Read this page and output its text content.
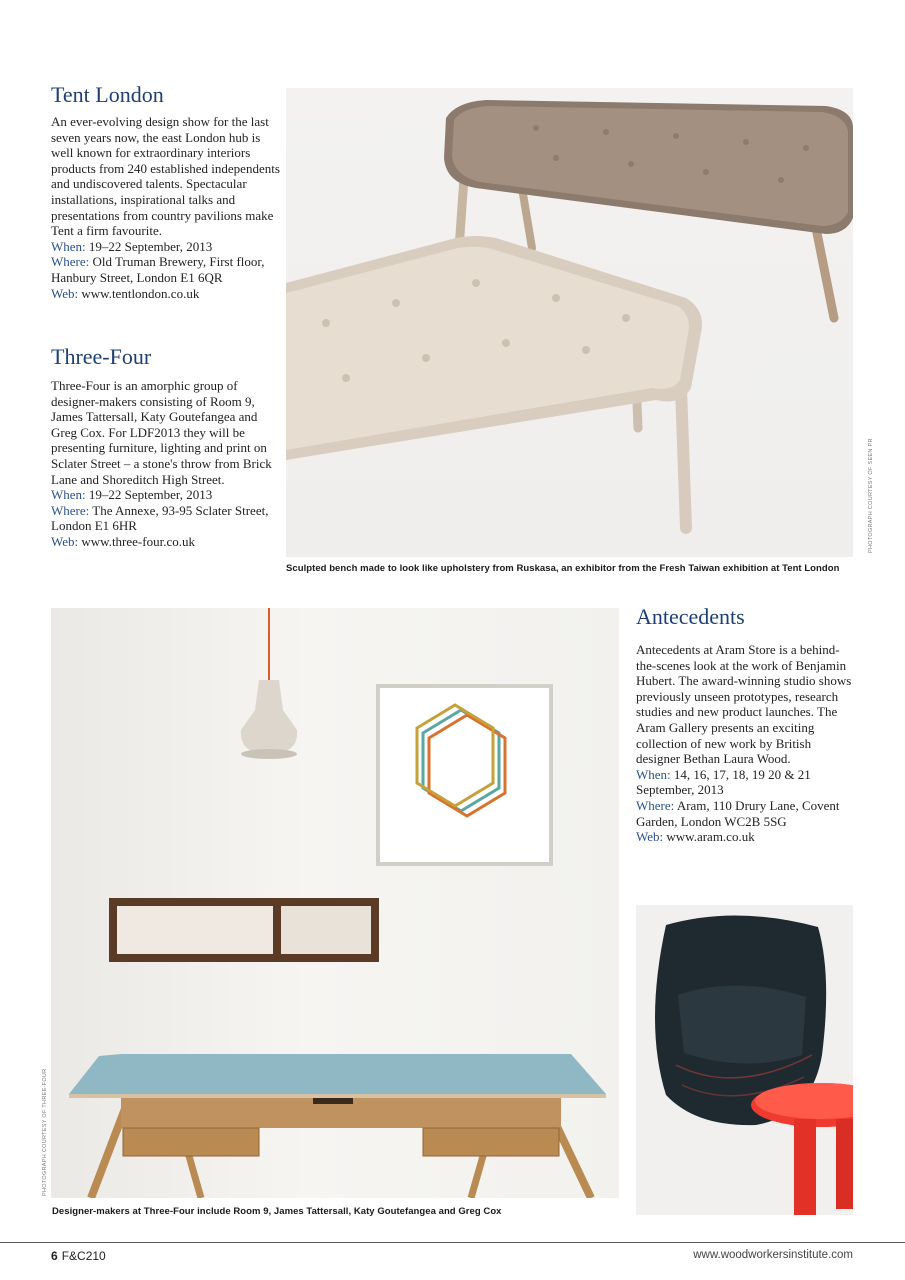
Tent London

An ever-evolving design show for the last seven years now, the east London hub is well known for extraordinary interiors products from 240 established independents and undiscovered talents. Spectacular installations, inspirational talks and presentations from country pavilions make Tent a firm favourite.

When: 19–22 September, 2013

Where: Old Truman Brewery, First floor, Hanbury Street, London E1 6QR

Web: www.tentlondon.co.uk

Three-Four

Three-Four is an amorphic group of designer-makers consisting of Room 9, James Tattersall, Katy Goutefangea and Greg Cox. For LDF2013 they will be presenting furniture, lighting and print on Sclater Street – a stone's throw from Brick Lane and Shoreditch High Street.

When: 19–22 September, 2013

Where: The Annexe, 93-95 Sclater Street, London E1 6HR

Web: www.three-four.co.uk	PHOTOGRAPH COURTESY OF SEEN PR
Sculpted bench made to look like upholstery from Ruskasa, an exhibitor from the Fresh Taiwan exhibition at Tent London
PHOTOGRAPH COURTESY OF THREE-FOUR
Designer-makers at Three-Four include Room 9, James Tattersall, Katy Goutefangea and Greg Cox
Antecedents

Antecedents at Aram Store is a behind-the-scenes look at the work of Benjamin Hubert. The award-winning studio shows previously unseen prototypes, research studies and new product launches. The Aram Gallery presents an exciting collection of new work by British designer Bethan Laura Wood.

When: 14, 16, 17, 18, 19 20 & 21 September, 2013

Where: Aram, 110 Drury Lane, Covent Garden, London WC2B 5SG

Web: www.aram.co.uk

6 F&C210	www.woodworkersinstitute.com
